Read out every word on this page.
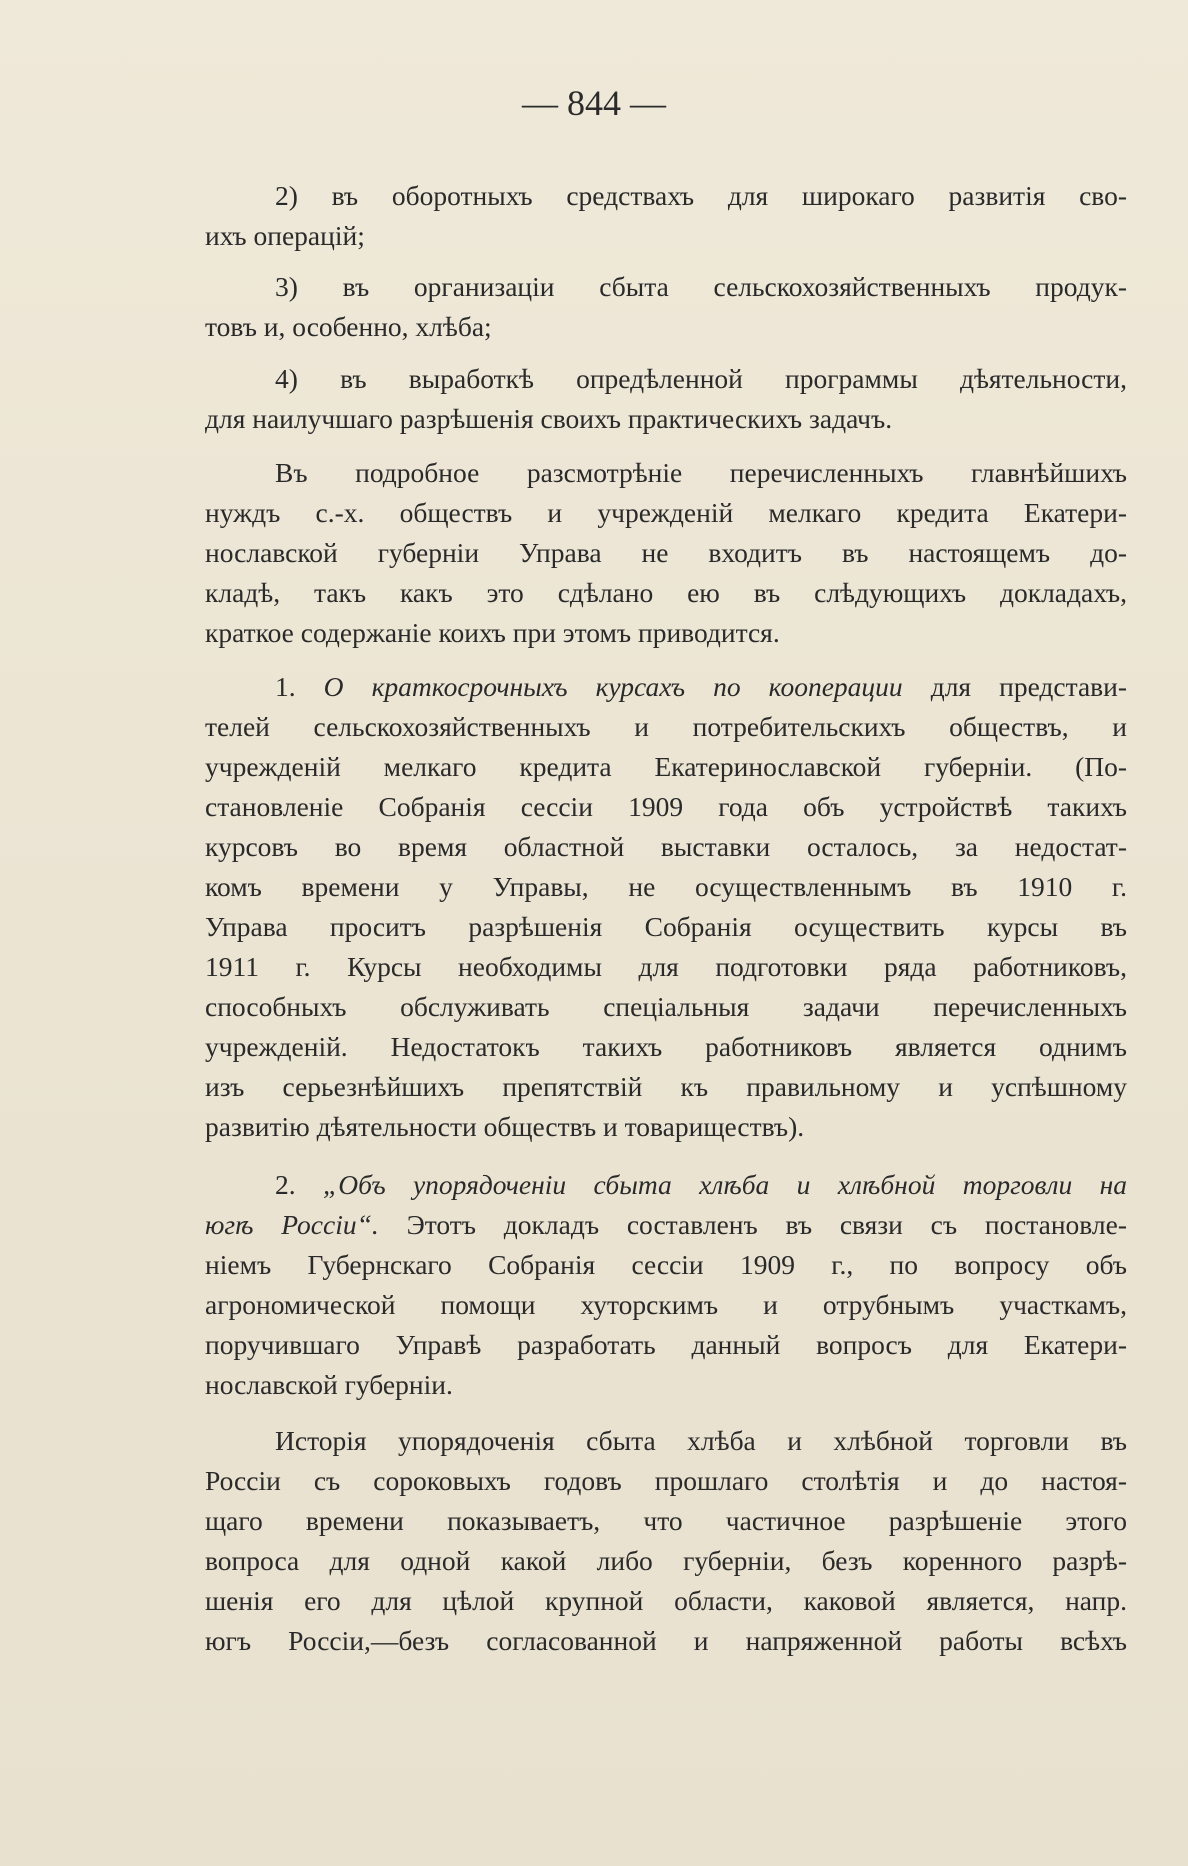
— 844 —
2) въ оборотныхъ средствахъ для широкаго развитія сво-
ихъ операцій;
3) въ организаціи сбыта сельскохозяйственныхъ продук-
товъ и, особенно, хлѣба;
4) въ выработкѣ опредѣленной программы дѣятельности,
для наилучшаго разрѣшенія своихъ практическихъ задачъ.
Въ подробное разсмотрѣніе перечисленныхъ главнѣйшихъ
нуждъ с.-х. обществъ и учрежденій мелкаго кредита Екатери-
нославской губерніи Управа не входитъ въ настоящемъ до-
кладѣ, такъ какъ это сдѣлано ею въ слѣдующихъ докладахъ,
краткое содержаніе коихъ при этомъ приводится.
1. О краткосрочныхъ курсахъ по кооперации для представи-
телей сельскохозяйственныхъ и потребительскихъ обществъ, и
учрежденій мелкаго кредита Екатеринославской губерніи. (По-
становленіе Собранія сессіи 1909 года объ устройствѣ такихъ
курсовъ во время областной выставки осталось, за недостат-
комъ времени у Управы, не осуществленнымъ въ 1910 г.
Управа проситъ разрѣшенія Собранія осуществить курсы въ
1911 г. Курсы необходимы для подготовки ряда работниковъ,
способныхъ обслуживать спеціальныя задачи перечисленныхъ
учрежденій. Недостатокъ такихъ работниковъ является однимъ
изъ серьезнѣйшихъ препятствій къ правильному и успѣшному
развитію дѣятельности обществъ и товариществъ).
2. „Объ упорядоченіи сбыта хлѣба и хлѣбной торговли на
югѣ Россіи“. Этотъ докладъ составленъ въ связи съ постановле-
ніемъ Губернскаго Собранія сессіи 1909 г., по вопросу объ
агрономической помощи хуторскимъ и отрубнымъ участкамъ,
поручившаго Управѣ разработать данный вопросъ для Екатери-
нославской губерніи.
Исторія упорядоченія сбыта хлѣба и хлѣбной торговли въ
Россіи съ сороковыхъ годовъ прошлаго столѣтія и до настоя-
щаго времени показываетъ, что частичное разрѣшеніе этого
вопроса для одной какой либо губерніи, безъ коренного разрѣ-
шенія его для цѣлой крупной области, каковой является, напр.
югъ Россіи,—безъ согласованной и напряженной работы всѣхъ
